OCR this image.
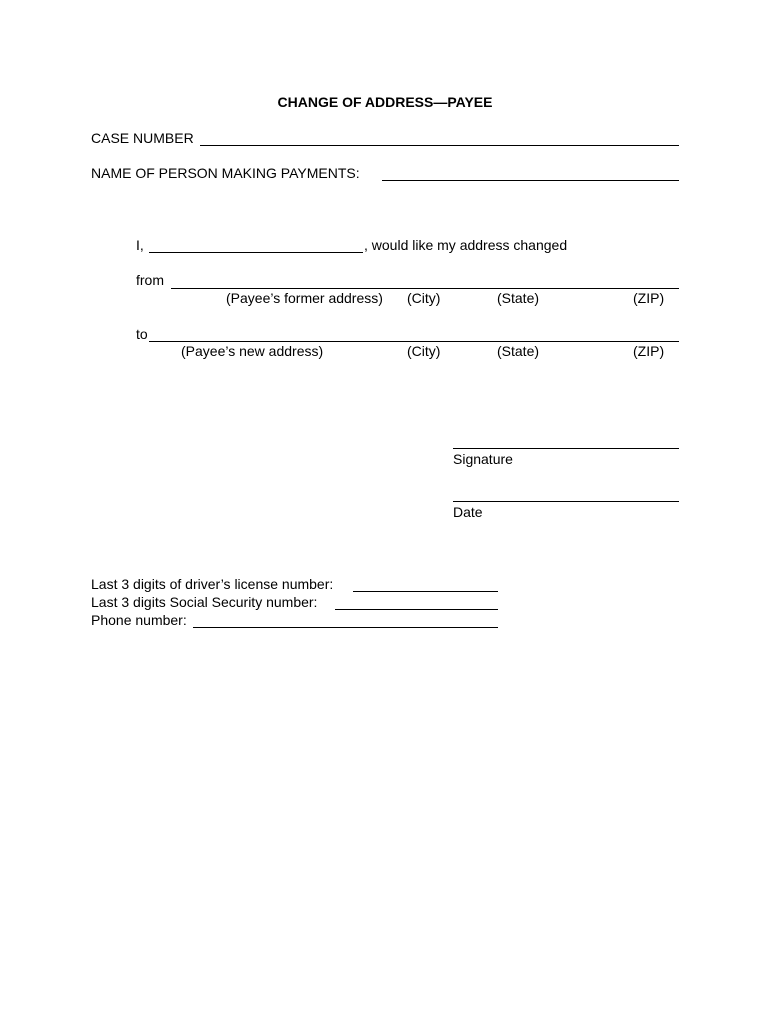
CHANGE OF ADDRESS—PAYEE
CASE NUMBER
NAME OF PERSON MAKING PAYMENTS:
I,	, would like my address changed
from
(Payee’s former address) (City)	(State)	(ZIP)
to
(Payee’s new address)	(City)	(State)	(ZIP)
Signature
Date
Last 3 digits of driver’s license number:
Last 3 digits Social Security number:
Phone number:
